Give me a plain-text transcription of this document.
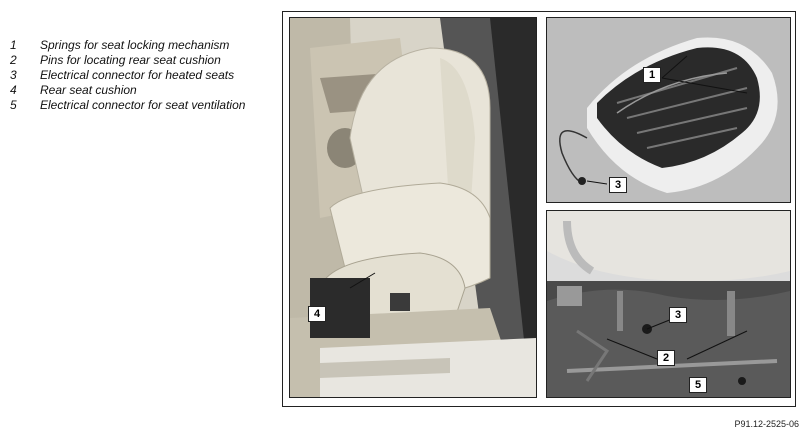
1	Springs for seat locking mechanism
2	Pins for locating rear seat cushion
3	Electrical connector for heated seats
4	Rear seat cushion
5	Electrical connector for seat ventilation
4
1
3
3
2
5
P91.12-2525-06
